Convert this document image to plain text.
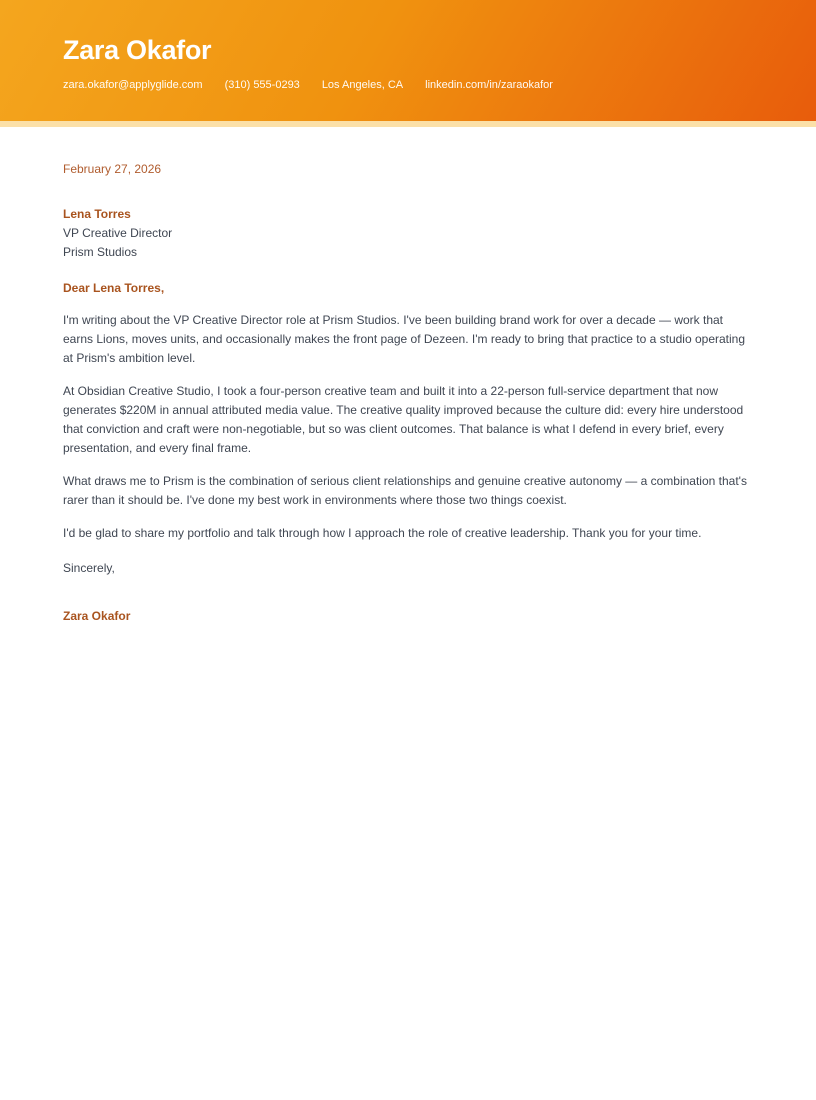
Zara Okafor
zara.okafor@applyglide.com (310) 555-0293 Los Angeles, CA linkedin.com/in/zaraokafor

February 27, 2026

Lena Torres
VP Creative Director
Prism Studios

Dear Lena Torres,

I'm writing about the VP Creative Director role at Prism Studios. I've been building brand work for over a decade — work that earns Lions, moves units, and occasionally makes the front page of Dezeen. I'm ready to bring that practice to a studio operating at Prism's ambition level.

At Obsidian Creative Studio, I took a four-person creative team and built it into a 22-person full-service department that now generates $220M in annual attributed media value. The creative quality improved because the culture did: every hire understood that conviction and craft were non-negotiable, but so was client outcomes. That balance is what I defend in every brief, every presentation, and every final frame.

What draws me to Prism is the combination of serious client relationships and genuine creative autonomy — a combination that's rarer than it should be. I've done my best work in environments where those two things coexist.

I'd be glad to share my portfolio and talk through how I approach the role of creative leadership. Thank you for your time.

Sincerely,

Zara Okafor
